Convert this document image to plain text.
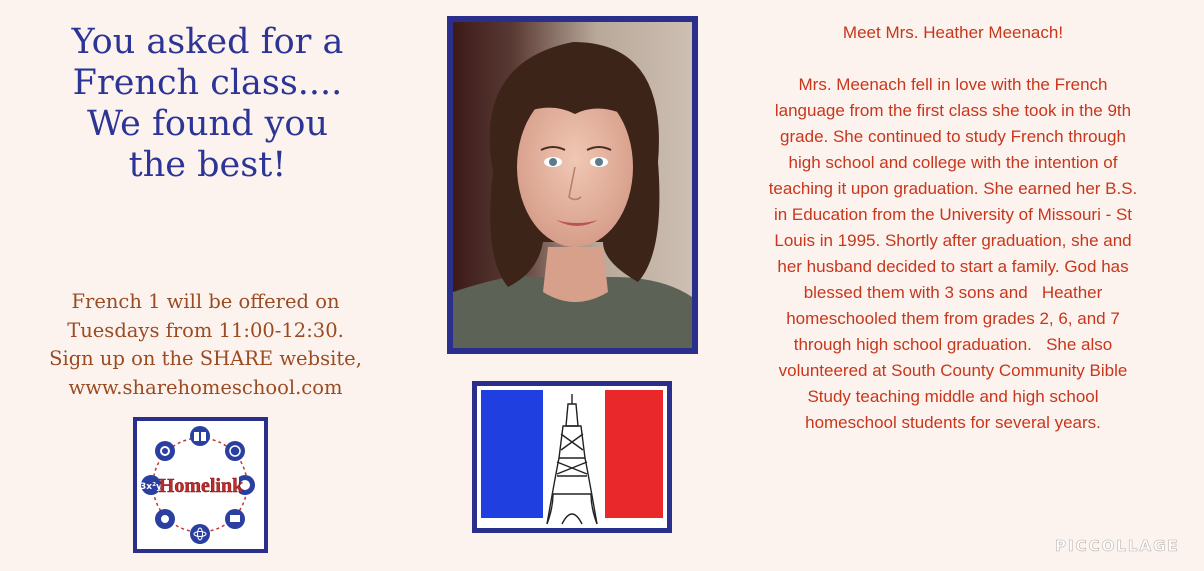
You asked for a
French class....
We found you
the best!
French 1 will be offered on
Tuesdays from 11:00-12:30.
Sign up on the SHARE website,
www.sharehomeschool.com
3x²y
Homelink
Meet Mrs. Heather Meenach!
Mrs. Meenach fell in love with the French
language from the first class she took in the 9th
grade. She continued to study French through
high school and college with the intention of
teaching it upon graduation. She earned her B.S.
in Education from the University of Missouri - St
Louis in 1995. Shortly after graduation, she and
her husband decided to start a family. God has
blessed them with 3 sons and   Heather
homeschooled them from grades 2, 6, and 7
through high school graduation.   She also
volunteered at South County Community Bible
Study teaching middle and high school
homeschool students for several years.
PICCOLLAGE
